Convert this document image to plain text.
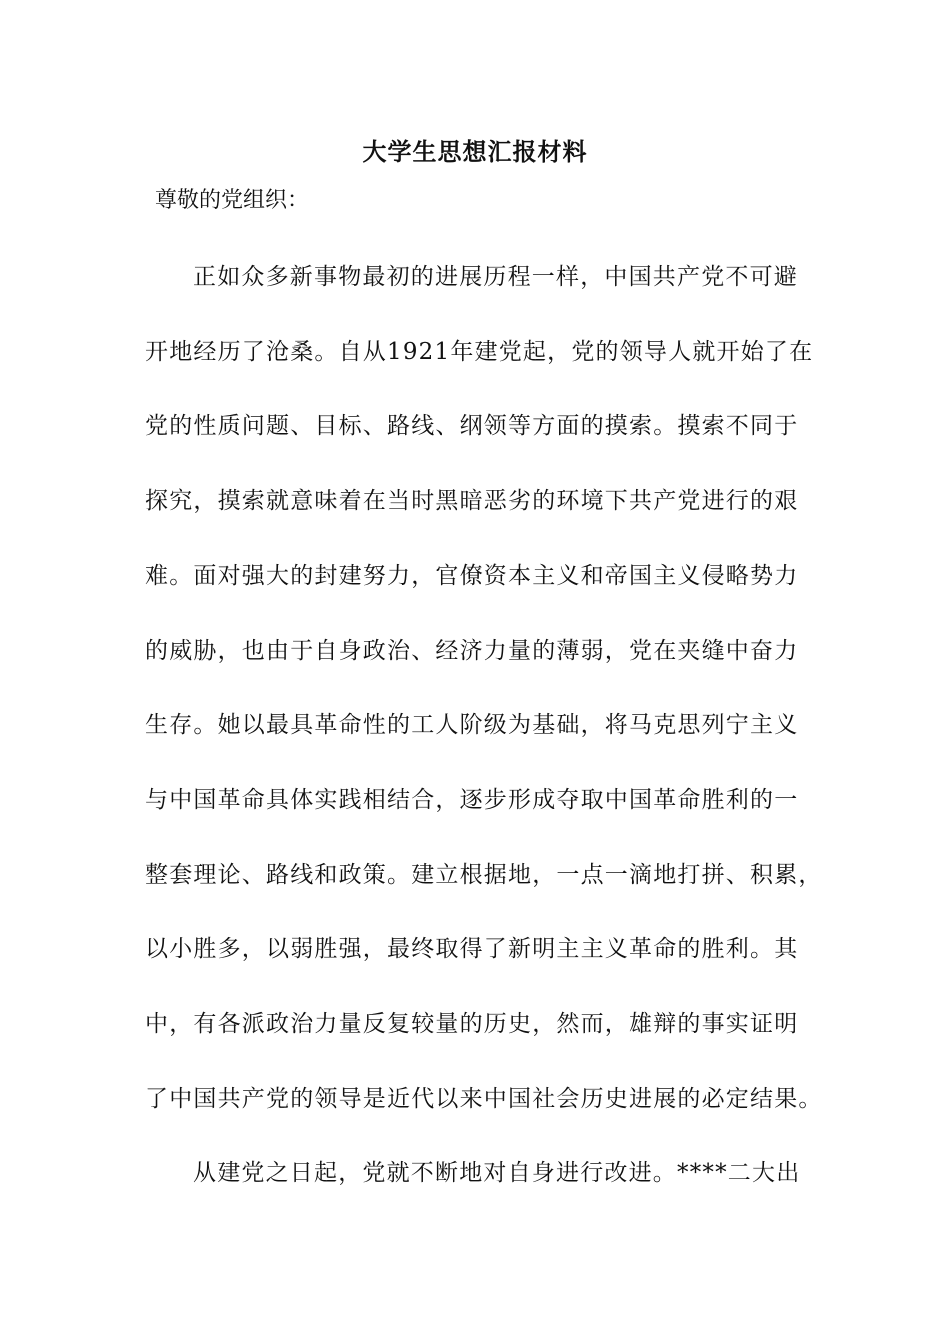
大学生思想汇报材料
尊敬的党组织：
正如众多新事物最初的进展历程一样，中国共产党不可避
开地经历了沧桑。自从1921年建党起，党的领导人就开始了在
党的性质问题、目标、路线、纲领等方面的摸索。摸索不同于
探究，摸索就意味着在当时黑暗恶劣的环境下共产党进行的艰
难。面对强大的封建努力，官僚资本主义和帝国主义侵略势力
的威胁，也由于自身政治、经济力量的薄弱，党在夹缝中奋力
生存。她以最具革命性的工人阶级为基础，将马克思列宁主义
与中国革命具体实践相结合，逐步形成夺取中国革命胜利的一
整套理论、路线和政策。建立根据地，一点一滴地打拼、积累，
以小胜多，以弱胜强，最终取得了新明主主义革命的胜利。其
中，有各派政治力量反复较量的历史，然而，雄辩的事实证明
了中国共产党的领导是近代以来中国社会历史进展的必定结果。
从建党之日起，党就不断地对自身进行改进。****二大出
